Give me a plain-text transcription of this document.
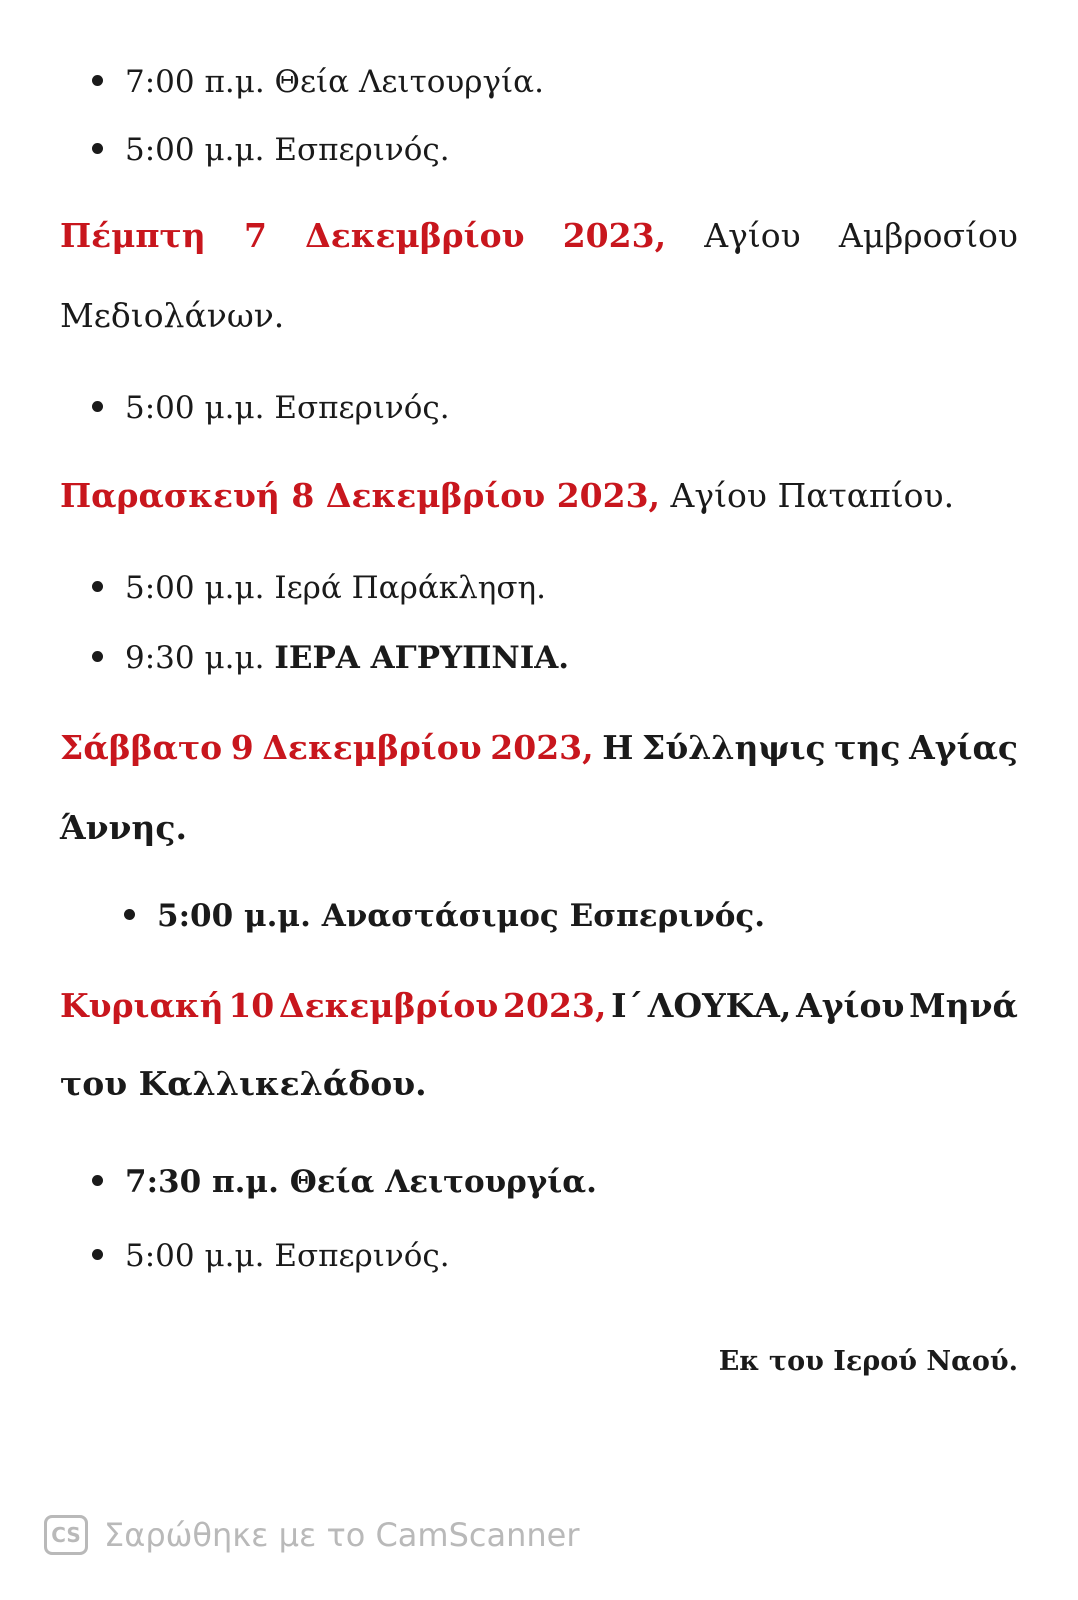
7:00 π.μ. Θεία Λειτουργία.
5:00 μ.μ. Εσπερινός.
Πέμπτη 7 Δεκεμβρίου 2023, Αγίου Αμβροσίου
Μεδιολάνων.
5:00 μ.μ. Εσπερινός.
Παρασκευή 8 Δεκεμβρίου 2023, Αγίου Παταπίου.
5:00 μ.μ. Ιερά Παράκληση.
9:30 μ.μ. ΙΕΡΑ ΑΓΡΥΠΝΙΑ.
Σάββατο 9 Δεκεμβρίου 2023, Η Σύλληψις της Αγίας
Άννης.
5:00 μ.μ. Αναστάσιμος Εσπερινός.
Κυριακή 10 Δεκεμβρίου 2023, Ι΄ ΛΟΥΚΑ, Αγίου Μηνά
του Καλλικελάδου.
7:30 π.μ. Θεία Λειτουργία.
5:00 μ.μ. Εσπερινός.
Εκ του Ιερού Ναού.
CS Σαρώθηκε με το CamScanner
